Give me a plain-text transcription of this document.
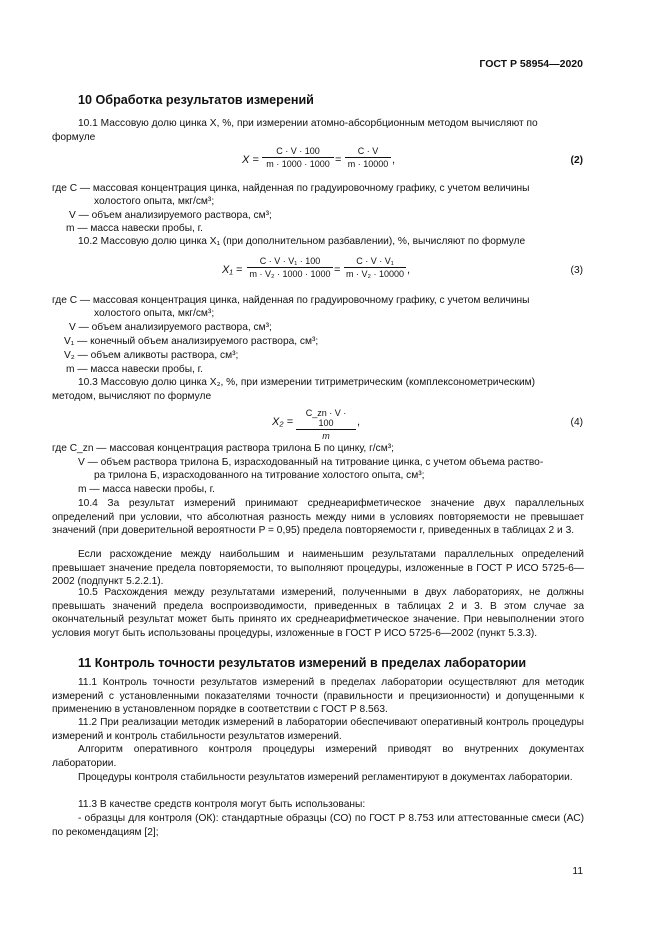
ГОСТ Р 58954—2020
10 Обработка результатов измерений
10.1 Массовую долю цинка X, %, при измерении атомно-абсорбционным методом вычисляют по
формуле
$X = \frac{C \cdot V \cdot 100}{m \cdot 1000 \cdot 1000} = \frac{C \cdot V}{m \cdot 10000}$ ,	(2)
где C — массовая концентрация цинка, найденная по градуировочному графику, с учетом величины
холостого опыта, мкг/см³;
V — объем анализируемого раствора, см³;
m — масса навески пробы, г.
10.2 Массовую долю цинка X₁ (при дополнительном разбавлении), %, вычисляют по формуле
$X_1 = \frac{\text{C · V · V₁ · 100}}{\text{m · V₂ · 1000 · 1000}} = \frac{\text{C · V · V₁}}{\text{m · V₂ · 10000}}$ ,	(3)
где C — массовая концентрация цинка, найденная по градуировочному графику, с учетом величины
холостого опыта, мкг/см³;
V — объем анализируемого раствора, см³;
V₁ — конечный объем анализируемого раствора, см³;
V₂ — объем аликвоты раствора, см³;
m — масса навески пробы, г.
10.3 Массовую долю цинка X₂, %, при измерении титриметрическим (комплексонометрическим)
методом, вычисляют по формуле
$X_2 = \frac{C\_zn \cdot V \cdot 100}{m}$ ,	(4)
где C_zn — массовая концентрация раствора трилона Б по цинку, г/см³;
V — объем раствора трилона Б, израсходованный на титрование цинка, с учетом объема раство-
ра трилона Б, израсходованного на титрование холостого опыта, см³;
m — масса навески пробы, г.
10.4 За результат измерений принимают среднеарифметическое значение двух параллельных определений при условии, что абсолютная разность между ними в условиях повторяемости не превышает значений (при доверительной вероятности P = 0,95) предела повторяемости r, приведенных в таблицах 2 и 3.
Если расхождение между наибольшим и наименьшим результатами параллельных определений превышает значение предела повторяемости, то выполняют процедуры, изложенные в ГОСТ Р ИСО 5725-6—2002 (подпункт 5.2.2.1).
10.5 Расхождения между результатами измерений, полученными в двух лабораториях, не должны превышать значений предела воспроизводимости, приведенных в таблицах 2 и 3. В этом случае за окончательный результат может быть принято их среднеарифметическое значение. При невыполнении этого условия могут быть использованы процедуры, изложенные в ГОСТ Р ИСО 5725-6—2002 (пункт 5.3.3).
11 Контроль точности результатов измерений в пределах лаборатории
11.1 Контроль точности результатов измерений в пределах лаборатории осуществляют для методик измерений с установленными показателями точности (правильности и прецизионности) и допущенными к применению в установленном порядке в соответствии с ГОСТ Р 8.563.
11.2 При реализации методик измерений в лаборатории обеспечивают оперативный контроль процедуры измерений и контроль стабильности результатов измерений.
Алгоритм оперативного контроля процедуры измерений приводят во внутренних документах лаборатории.
Процедуры контроля стабильности результатов измерений регламентируют в документах лаборатории.
11.3 В качестве средств контроля могут быть использованы:
- образцы для контроля (ОК): стандартные образцы (СО) по ГОСТ Р 8.753 или аттестованные смеси (АС) по рекомендациям [2];
11
